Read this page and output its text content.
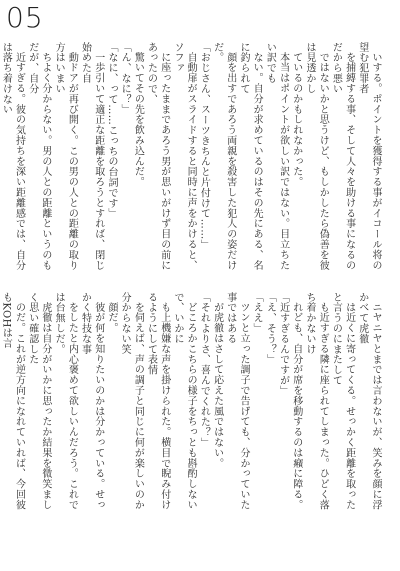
05

いする。ポイントを獲得する事がイコール将の望む犯罪者

を捕縛する事、そして人々を助ける事になるのだから悪い

ではないかと思うけど、もしかしたら偽善を彼は見透かし

ているのかもしれなかった。

本当はポイントが欲しい訳ではない。目立ちたい訳でも

ない。自分が求めているのはその先にある、名に釣られて

顔を出すであろう両親を殺害した犯人の姿だけだ。

「おじさん、スーツきちんと片付けて……」

自動扉がスライドすると同時に声をかけると、ソファ

に座ったままであろう男が思いがけず目の前にあったので、

驚いてその先を飲み込んだ。

「ん、なに？」

「なに、って……こっちの台詞です」

一歩引いて適正な距離を取ろうとすれば、閉じ始めた自

動ドアが再び開く。この男の人との距離の取り方はいまい

ちよく分からない。男の人との距離というのもだが、自分

近すぎる。彼の気持ちを深い距離感では、自分は落ち着けない

ニヤニヤとまでは言わないが、笑みを顔に浮かべて虎徹

は近くに寄ってくる。せっかく距離を取ったと言うのにまたして

も近すぎる隣に座られてしまった。ひどく落ち着かないけ

れども、自分が席を移動するのは癪に障る。

「近すぎるんですが」

「え、そう？」

「ええ」

ツンと立った調子で告げても、分かっていた事ではある

が虎徹はさして応えた風ではない。

「それよりさ、喜んでくれた？」

どころかこちらの様子をちっとも斟酌しないで、いかに

も上機嫌な声を掛けられた。横目で睨み付けるようにして表情

を伺えば、声の調子と同じに何が楽しいのか分からない笑

顔だ。

彼が何を知りたいのかは分かっている。せっかく特技な事

をしたと内心褒めて欲しいんだろう。これでは台無しだ。

虎徹は自分がいかに思ったか結果を微笑ましく思い確認した

のだ。これが逆方向になれていれば、今回彼もKOHは言
